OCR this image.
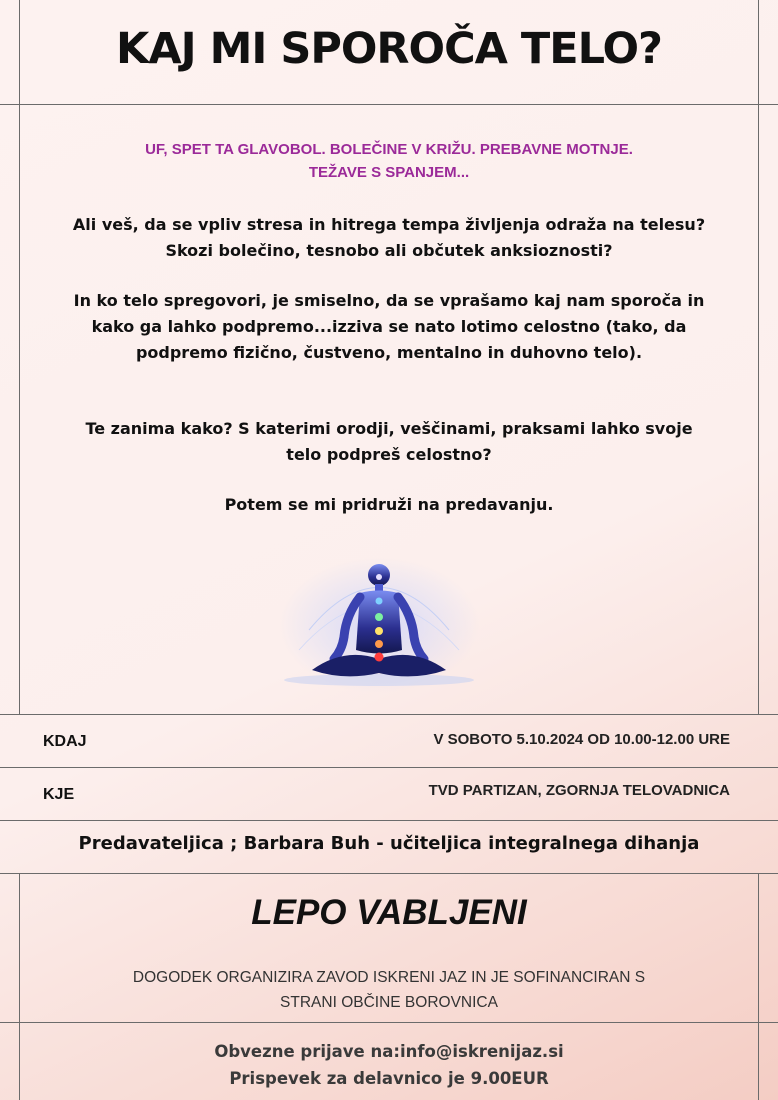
KAJ MI SPOROČA TELO?
UF, SPET TA GLAVOBOL. BOLEČINE V KRIŽU. PREBAVNE MOTNJE.
TEŽAVE S SPANJEM...
Ali veš, da se vpliv stresa in hitrega tempa življenja odraža na telesu?
Skozi bolečino, tesnobo ali občutek anksioznosti?
In ko telo spregovori, je smiselno, da se vprašamo kaj nam sporoča in
kako ga lahko podpremo...izziva se nato lotimo celostno (tako, da
podpremo fizično, čustveno, mentalno in duhovno telo).
Te zanima kako? S katerimi orodji, veščinami, praksami lahko svoje
telo podpreš celostno?
Potem se mi pridruži na predavanju.
KDAJ	V SOBOTO 5.10.2024 OD 10.00-12.00 URE
KJE	TVD PARTIZAN, ZGORNJA TELOVADNICA
Predavateljica ; Barbara Buh - učiteljica integralnega dihanja
LEPO VABLJENI
DOGODEK ORGANIZIRA ZAVOD ISKRENI JAZ IN JE SOFINANCIRAN S
STRANI OBČINE BOROVNICA
Obvezne prijave na:info@iskrenijaz.si
Prispevek za delavnico je 9.00EUR
